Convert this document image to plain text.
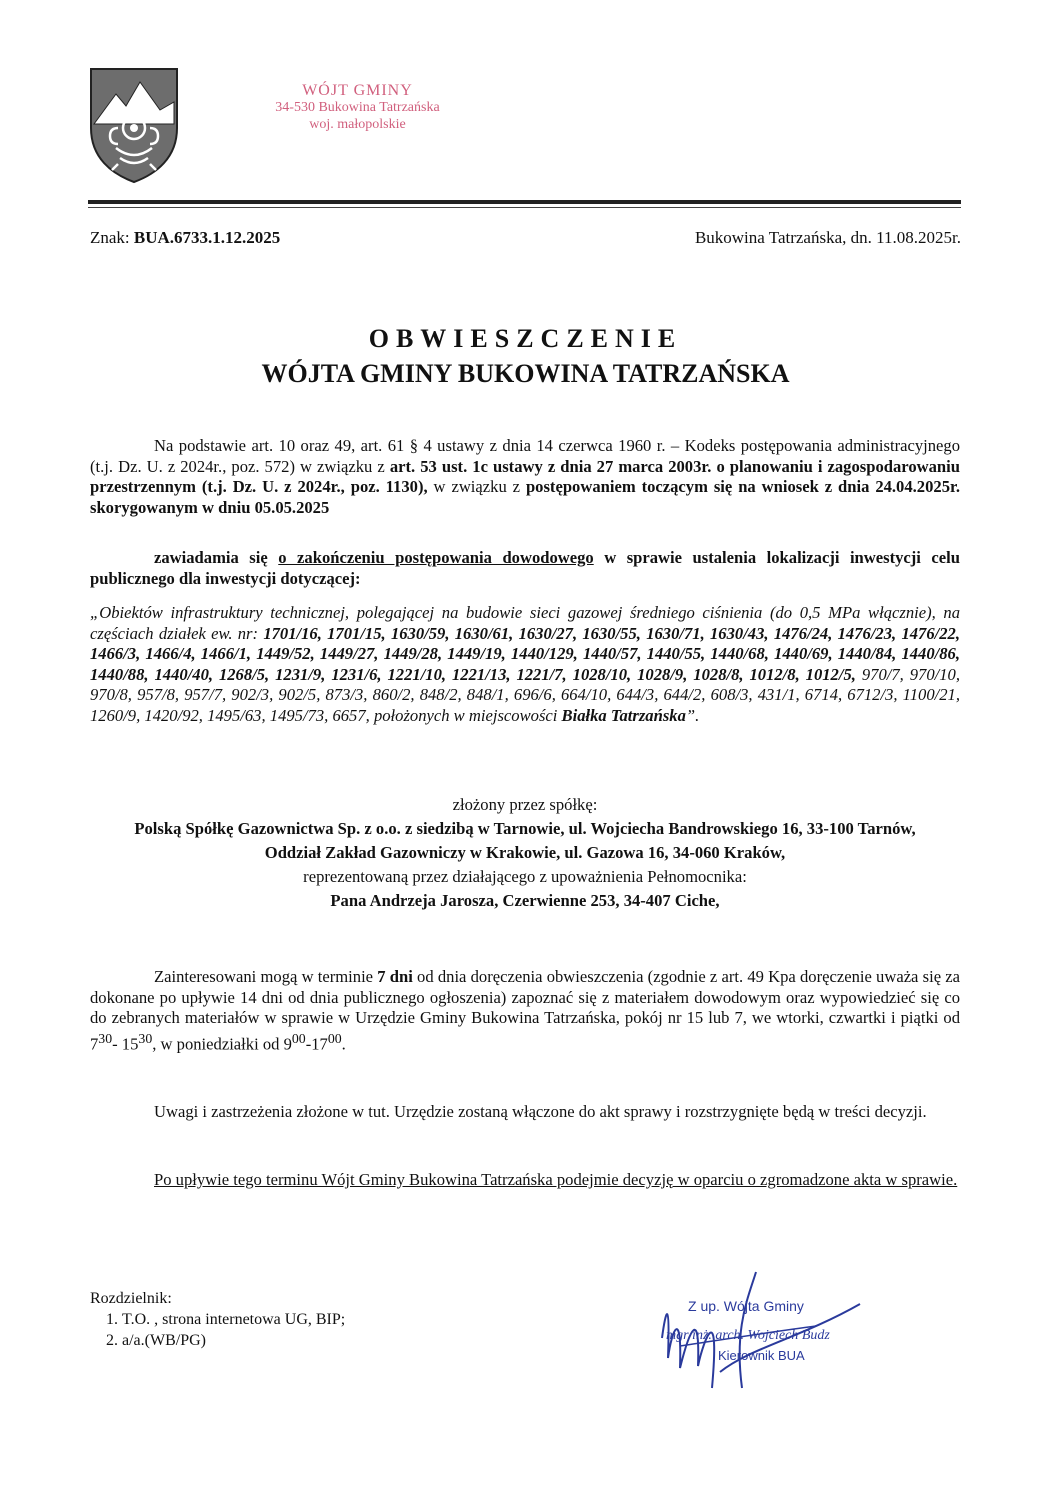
WÓJT GMINY
34-530 Bukowina Tatrzańska
woj. małopolskie
Znak: BUA.6733.1.12.2025	Bukowina Tatrzańska, dn. 11.08.2025r.
OBWIESZCZENIE
WÓJTA GMINY BUKOWINA TATRZAŃSKA
Na podstawie art. 10 oraz 49, art. 61 § 4 ustawy z dnia 14 czerwca 1960 r. – Kodeks postępowania administracyjnego (t.j. Dz. U. z 2024r., poz. 572) w związku z art. 53 ust. 1c ustawy z dnia 27 marca 2003r. o planowaniu i zagospodarowaniu przestrzennym (t.j. Dz. U. z 2024r., poz. 1130), w związku z postępowaniem toczącym się na wniosek z dnia 24.04.2025r. skorygowanym w dniu 05.05.2025
zawiadamia się o zakończeniu postępowania dowodowego w sprawie ustalenia lokalizacji inwestycji celu publicznego dla inwestycji dotyczącej:
„Obiektów infrastruktury technicznej, polegającej na budowie sieci gazowej średniego ciśnienia (do 0,5 MPa włącznie), na częściach działek ew. nr: 1701/16, 1701/15, 1630/59, 1630/61, 1630/27, 1630/55, 1630/71, 1630/43, 1476/24, 1476/23, 1476/22, 1466/3, 1466/4, 1466/1, 1449/52, 1449/27, 1449/28, 1449/19, 1440/129, 1440/57, 1440/55, 1440/68, 1440/69, 1440/84, 1440/86, 1440/88, 1440/40, 1268/5, 1231/9, 1231/6, 1221/10, 1221/13, 1221/7, 1028/10, 1028/9, 1028/8, 1012/8, 1012/5, 970/7, 970/10, 970/8, 957/8, 957/7, 902/3, 902/5, 873/3, 860/2, 848/2, 848/1, 696/6, 664/10, 644/3, 644/2, 608/3, 431/1, 6714, 6712/3, 1100/21, 1260/9, 1420/92, 1495/63, 1495/73, 6657, położonych w miejscowości Białka Tatrzańska”.
złożony przez spółkę:
Polską Spółkę Gazownictwa Sp. z o.o. z siedzibą w Tarnowie, ul. Wojciecha Bandrowskiego 16, 33-100 Tarnów,
Oddział Zakład Gazowniczy w Krakowie, ul. Gazowa 16, 34-060 Kraków,
reprezentowaną przez działającego z upoważnienia Pełnomocnika:
Pana Andrzeja Jarosza, Czerwienne 253, 34-407 Ciche,
Zainteresowani mogą w terminie 7 dni od dnia doręczenia obwieszczenia (zgodnie z art. 49 Kpa doręczenie uważa się za dokonane po upływie 14 dni od dnia publicznego ogłoszenia) zapoznać się z materiałem dowodowym oraz wypowiedzieć się co do zebranych materiałów w sprawie w Urzędzie Gminy Bukowina Tatrzańska, pokój nr 15 lub 7, we wtorki, czwartki i piątki od $7^{30}-$ $15^{30}$, w poniedziałki od $9^{00}-17^{00}$.
Uwagi i zastrzeżenia złożone w tut. Urzędzie zostaną włączone do akt sprawy i rozstrzygnięte będą w treści decyzji.
Po upływie tego terminu Wójt Gminy Bukowina Tatrzańska podejmie decyzję w oparciu o zgromadzone akta w sprawie.
Rozdzielnik:
1. T.O. , strona internetowa UG, BIP;
2. a/a.(WB/PG)
Z up. Wójta Gminy
mgr inż. arch. Wojciech Budz
Kierownik BUA
